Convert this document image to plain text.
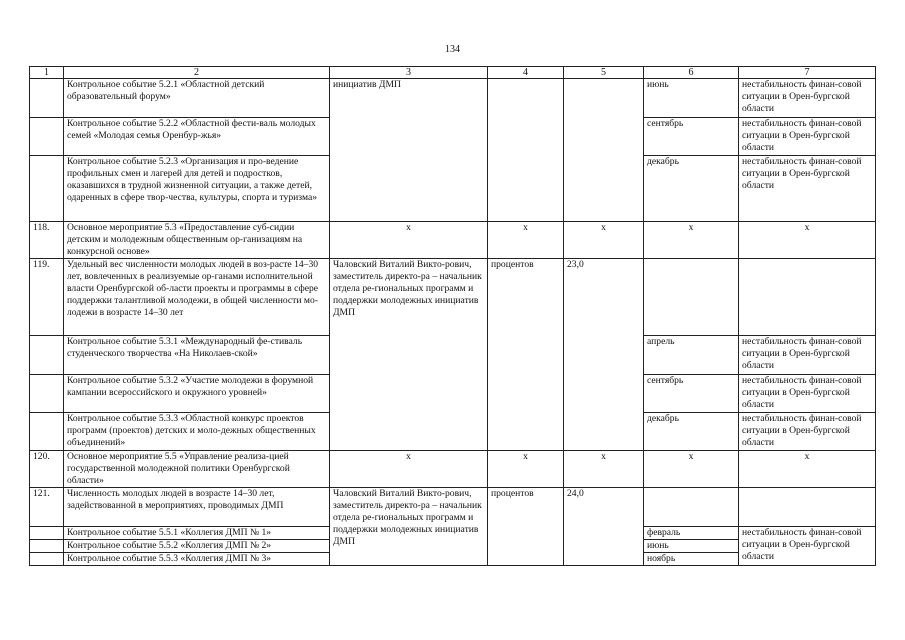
134
1	2	3	4	5	6	7
	Контрольное событие 5.2.1 «Областной детский образовательный форум»	инициатив ДМП			июнь	нестабильность финан-совой ситуации в Орен-бургской области
	Контрольное событие 5.2.2 «Областной фести-валь молодых семей «Молодая семья Оренбур-жья»				сентябрь	нестабильность финан-совой ситуации в Орен-бургской области
	Контрольное событие 5.2.3 «Организация и про-ведение профильных смен и лагерей для детей и подростков, оказавшихся в трудной жизненной ситуации, а также детей, одаренных в сфере твор-чества, культуры, спорта и туризма»				декабрь	нестабильность финан-совой ситуации в Орен-бургской области
118.	Основное мероприятие 5.3 «Предоставление суб-сидии детским и молодежным общественным ор-ганизациям на конкурсной основе»	x	x	x	x	x
119.	Удельный вес численности молодых людей в воз-расте 14–30 лет, вовлеченных в реализуемые ор-ганами исполнительной власти Оренбургской об-ласти проекты и программы в сфере поддержки талантливой молодежи, в общей численности мо-лодежи в возрасте 14–30 лет	Чаловский Виталий Викто-рович, заместитель директо-ра – начальник отдела ре-гиональных программ и поддержки молодежных инициатив ДМП	процентов	23,0		
	Контрольное событие 5.3.1 «Международный фе-стиваль студенческого творчества «На Николаев-ской»				апрель	нестабильность финан-совой ситуации в Орен-бургской области
	Контрольное событие 5.3.2 «Участие молодежи в форумной кампании всероссийского и окружного уровней»				сентябрь	нестабильность финан-совой ситуации в Орен-бургской области
	Контрольное событие 5.3.3 «Областной конкурс проектов программ (проектов) детских и моло-дежных общественных объединений»				декабрь	нестабильность финан-совой ситуации в Орен-бургской области
120.	Основное мероприятие 5.5 «Управление реализа-цией государственной молодежной политики Оренбургской области»	x	x	x	x	x
121.	Численность молодых людей в возрасте 14–30 лет, задействованной в мероприятиях, проводимых ДМП	Чаловский Виталий Викто-рович, заместитель директо-ра – начальник отдела ре-гиональных программ и поддержки молодежных инициатив ДМП	процентов	24,0		
	Контрольное событие 5.5.1 «Коллегия ДМП № 1»				февраль	нестабильность финан-совой ситуации в Орен-бургской области
	Контрольное событие 5.5.2 «Коллегия ДМП № 2»				июнь	
	Контрольное событие 5.5.3 «Коллегия ДМП № 3»				ноябрь	
